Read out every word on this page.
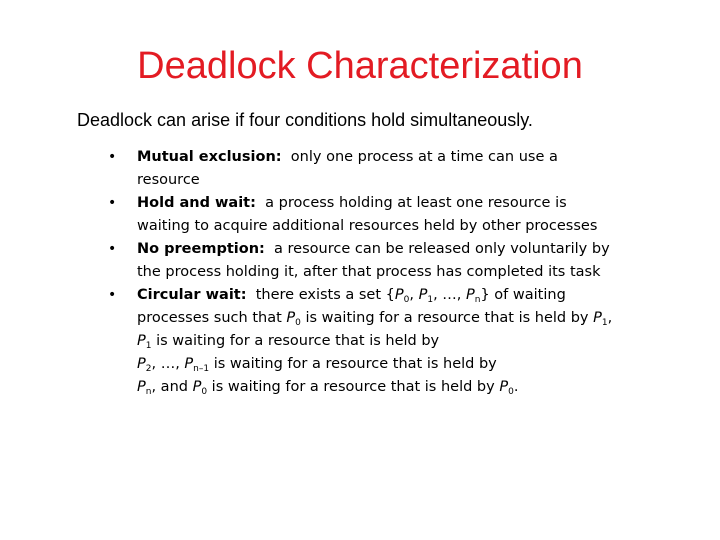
Deadlock Characterization

Deadlock can arise if four conditions hold simultaneously.

•	Mutual exclusion: only one process at a time can use a resource
•	Hold and wait: a process holding at least one resource is waiting to acquire additional resources held by other processes
•	No preemption: a resource can be released only voluntarily by the process holding it, after that process has completed its task
•	Circular wait: there exists a set {$P_0$, $P_1$, …, $P_n$} of waiting processes such that $P_0$ is waiting for a resource that is held by $P_1$, $P_1$ is waiting for a resource that is held by
$P_2$, …, $P_{n-1}$ is waiting for a resource that is held by
$P_n$, and $P_0$ is waiting for a resource that is held by $P_0$.
